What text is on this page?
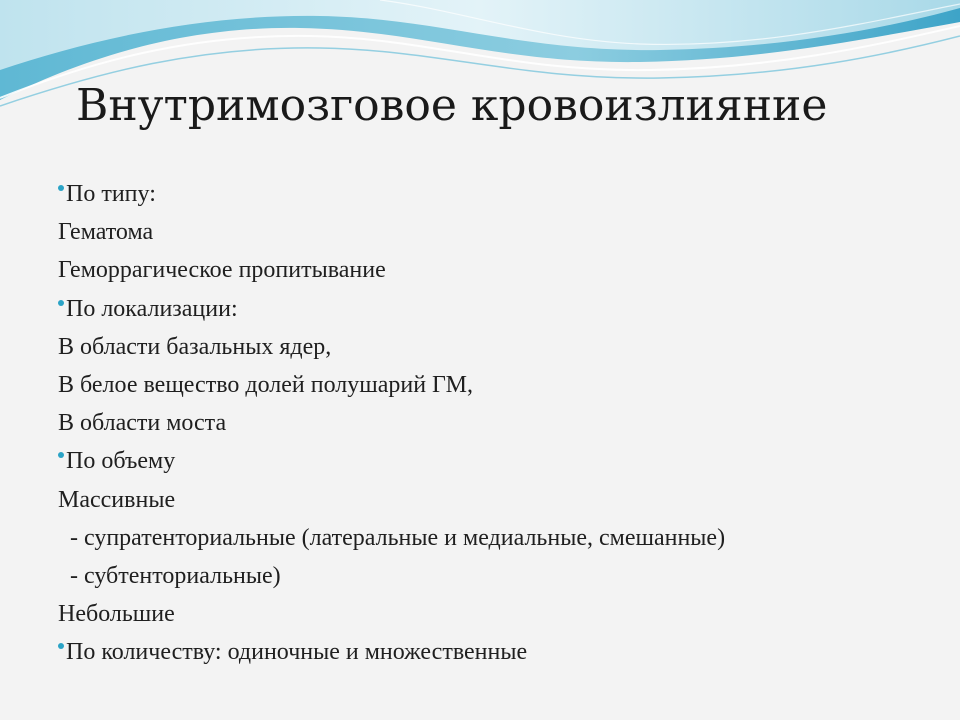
Внутримозговое кровоизлияние
По типу:
Гематома
Геморрагическое пропитывание
По локализации:
В области базальных ядер,
В белое вещество долей полушарий ГМ,
В области моста
По объему
Массивные
- супратенториальные (латеральные и медиальные, смешанные)
- субтенториальные)
Небольшие
По количеству: одиночные и множественные
